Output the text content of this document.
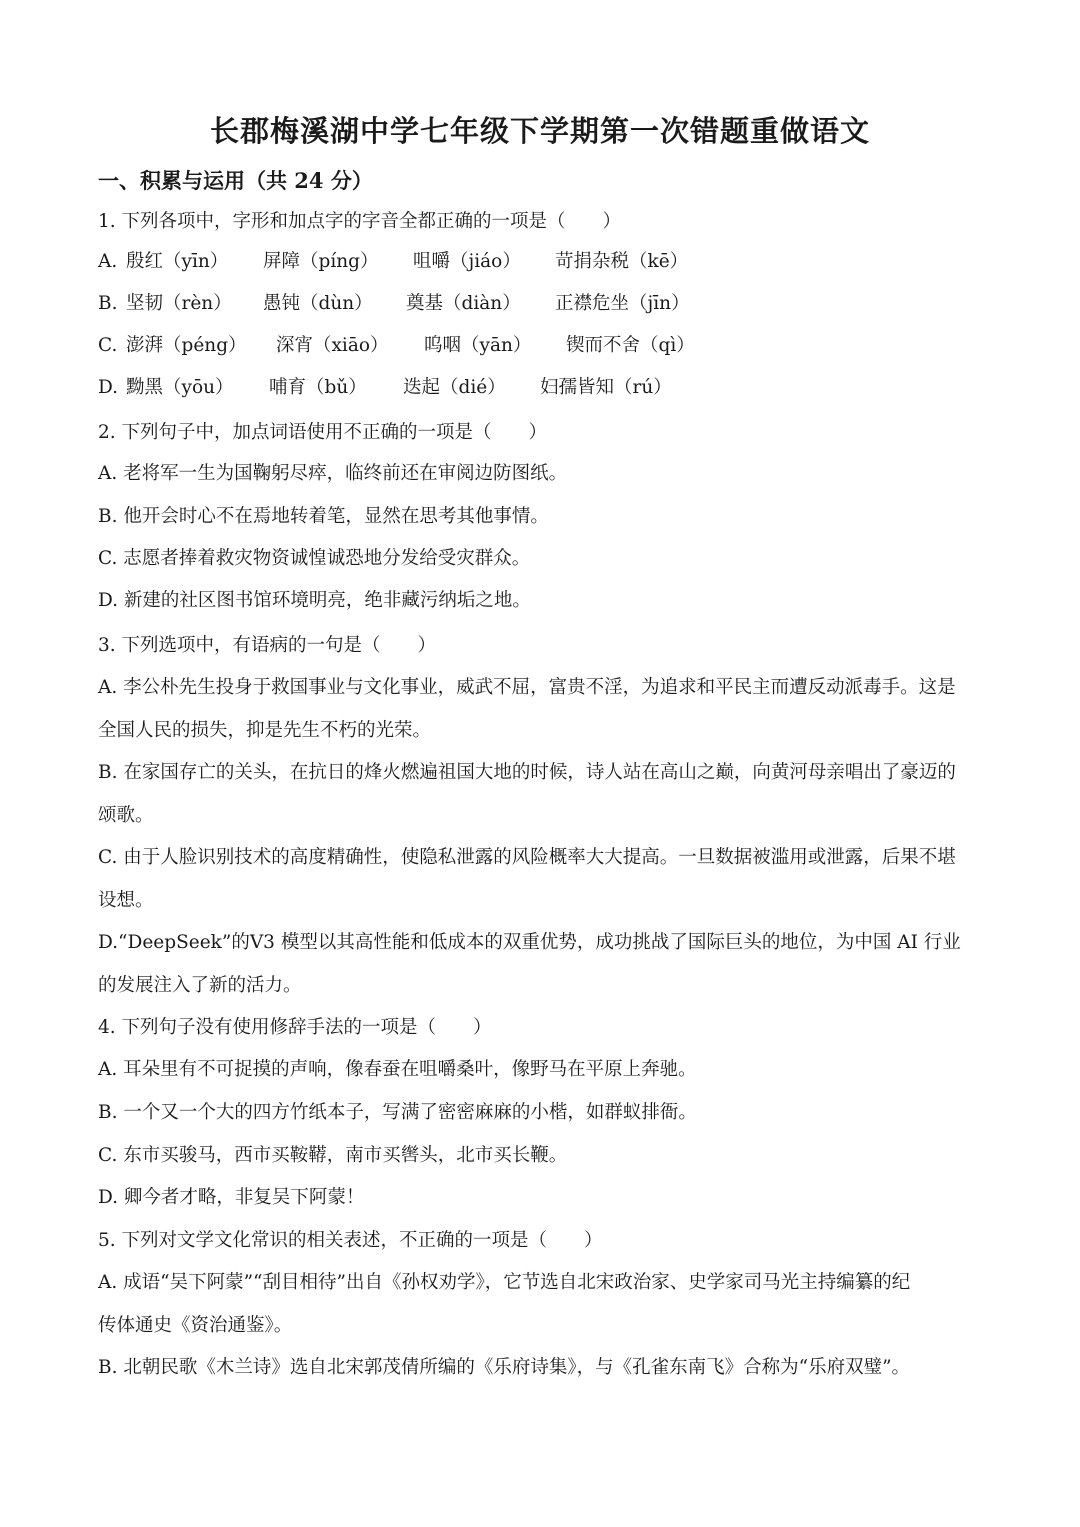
长郡梅溪湖中学七年级下学期第一次错题重做语文
一、积累与运用（共 24 分）
1. 下列各项中，字形和加点字的字音全都正确的一项是（　　）
A. 殷红（yīn） 屏障（píng） 咀嚼（jiáo） 苛捐杂税（kē）
B. 坚韧（rèn） 愚钝（dùn） 奠基（diàn） 正襟危坐（jīn）
C. 澎湃（péng） 深宵（xiāo） 呜咽（yān） 锲而不舍（qì）
D. 黝黑（yōu） 哺育（bǔ） 迭起（dié） 妇孺皆知（rú）
2. 下列句子中，加点词语使用不正确的一项是（　　）
A. 老将军一生为国鞠躬尽瘁，临终前还在审阅边防图纸。
B. 他开会时心不在焉地转着笔，显然在思考其他事情。
C. 志愿者捧着救灾物资诚惶诚恐地分发给受灾群众。
D. 新建的社区图书馆环境明亮，绝非藏污纳垢之地。
3. 下列选项中，有语病的一句是（　　）
A. 李公朴先生投身于救国事业与文化事业，威武不屈，富贵不淫，为追求和平民主而遭反动派毒手。这是
全国人民的损失，抑是先生不朽的光荣。
B. 在家国存亡的关头，在抗日的烽火燃遍祖国大地的时候，诗人站在高山之巅，向黄河母亲唱出了豪迈的
颂歌。
C. 由于人脸识别技术的高度精确性，使隐私泄露的风险概率大大提高。一旦数据被滥用或泄露，后果不堪
设想。
D.“DeepSeek”的V3 模型以其高性能和低成本的双重优势，成功挑战了国际巨头的地位，为中国 AI 行业
的发展注入了新的活力。
4. 下列句子没有使用修辞手法的一项是（　　）
A. 耳朵里有不可捉摸的声响，像春蚕在咀嚼桑叶，像野马在平原上奔驰。
B. 一个又一个大的四方竹纸本子，写满了密密麻麻的小楷，如群蚁排衙。
C. 东市买骏马，西市买鞍鞯，南市买辔头，北市买长鞭。
D. 卿今者才略，非复吴下阿蒙！
5. 下列对文学文化常识的相关表述，不正确的一项是（　　）
A. 成语“吴下阿蒙”“刮目相待”出自《孙权劝学》，它节选自北宋政治家、史学家司马光主持编纂的纪
传体通史《资治通鉴》。
B. 北朝民歌《木兰诗》选自北宋郭茂倩所编的《乐府诗集》，与《孔雀东南飞》合称为“乐府双璧”。
